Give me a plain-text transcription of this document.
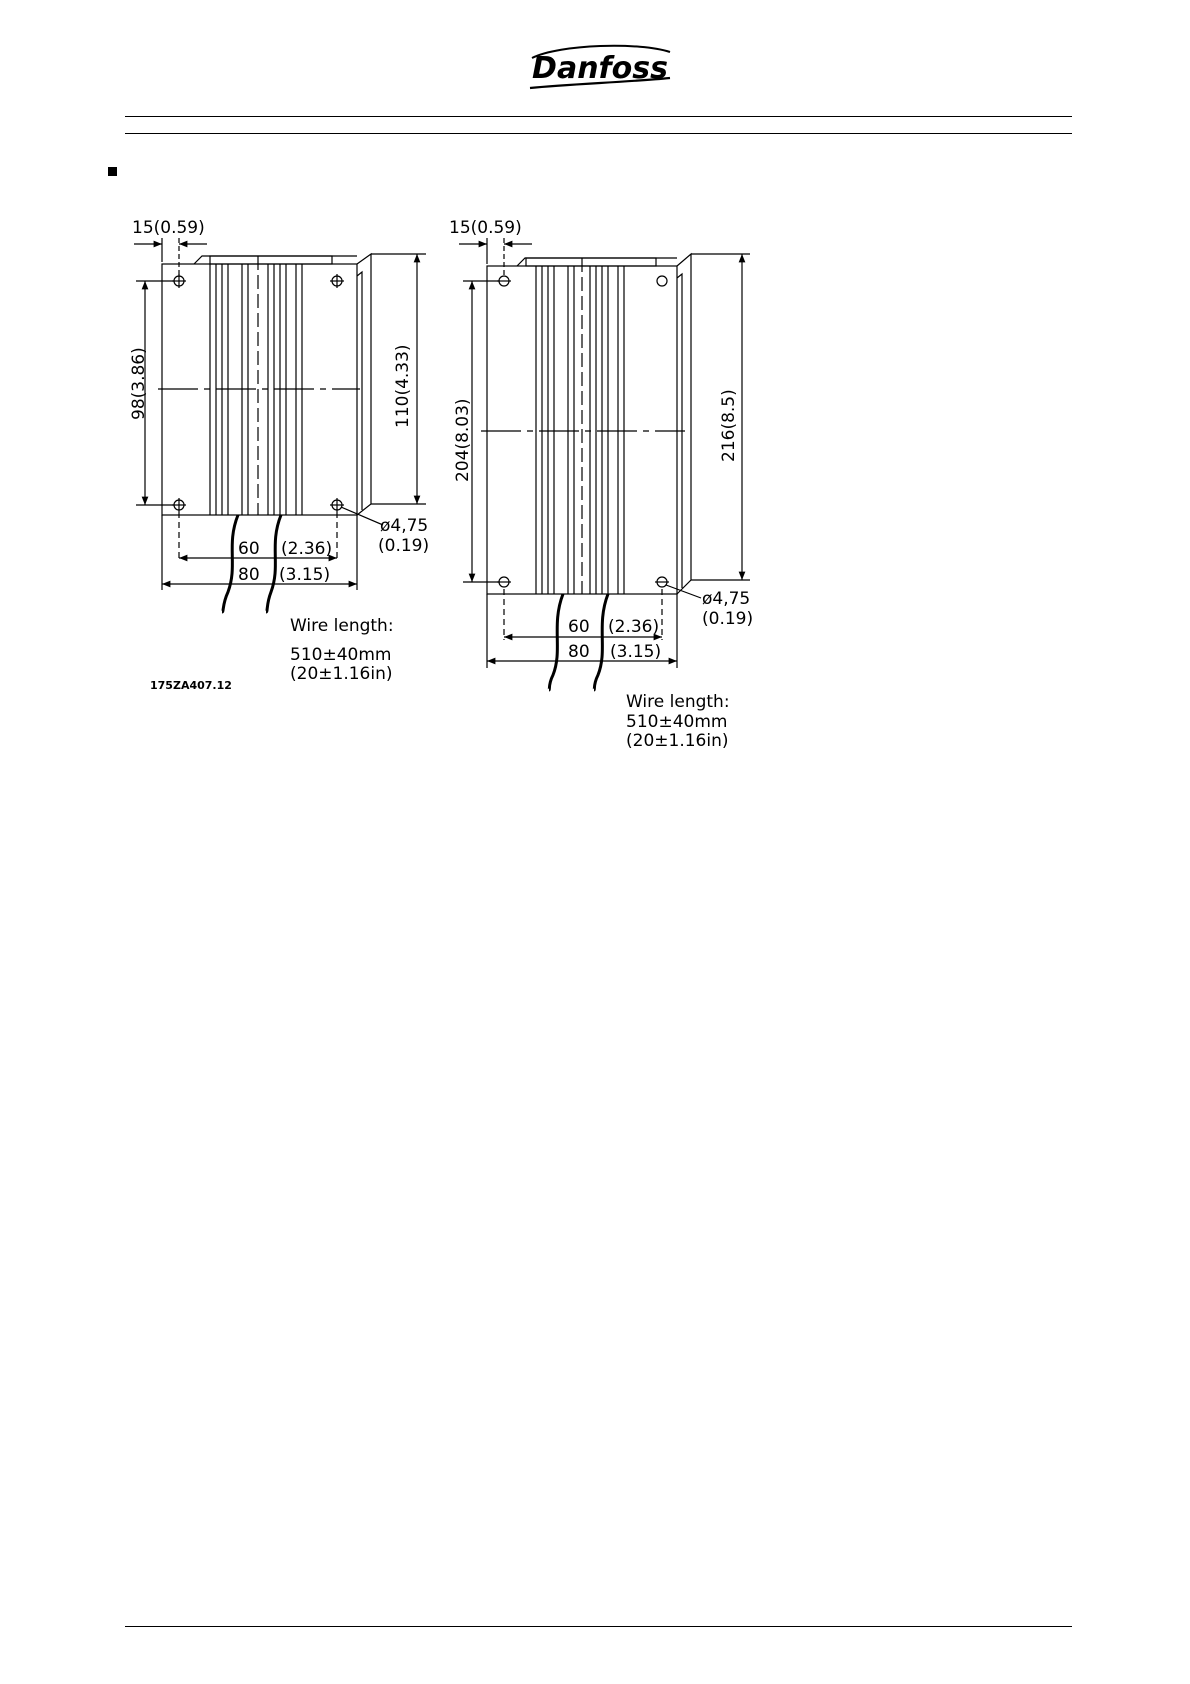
Danfoss
15(0.59)
98(3.86)	110(4.33)
ø4,75
(0.19)
60 (2.36)
80 (3.15)
Wire length:
510±40mm
(20±1.16in)
175ZA407.12
15(0.59)
204(8.03)	216(8.5)
ø4,75
(0.19)
60 (2.36)
80 (3.15)
Wire length:
510±40mm
(20±1.16in)
